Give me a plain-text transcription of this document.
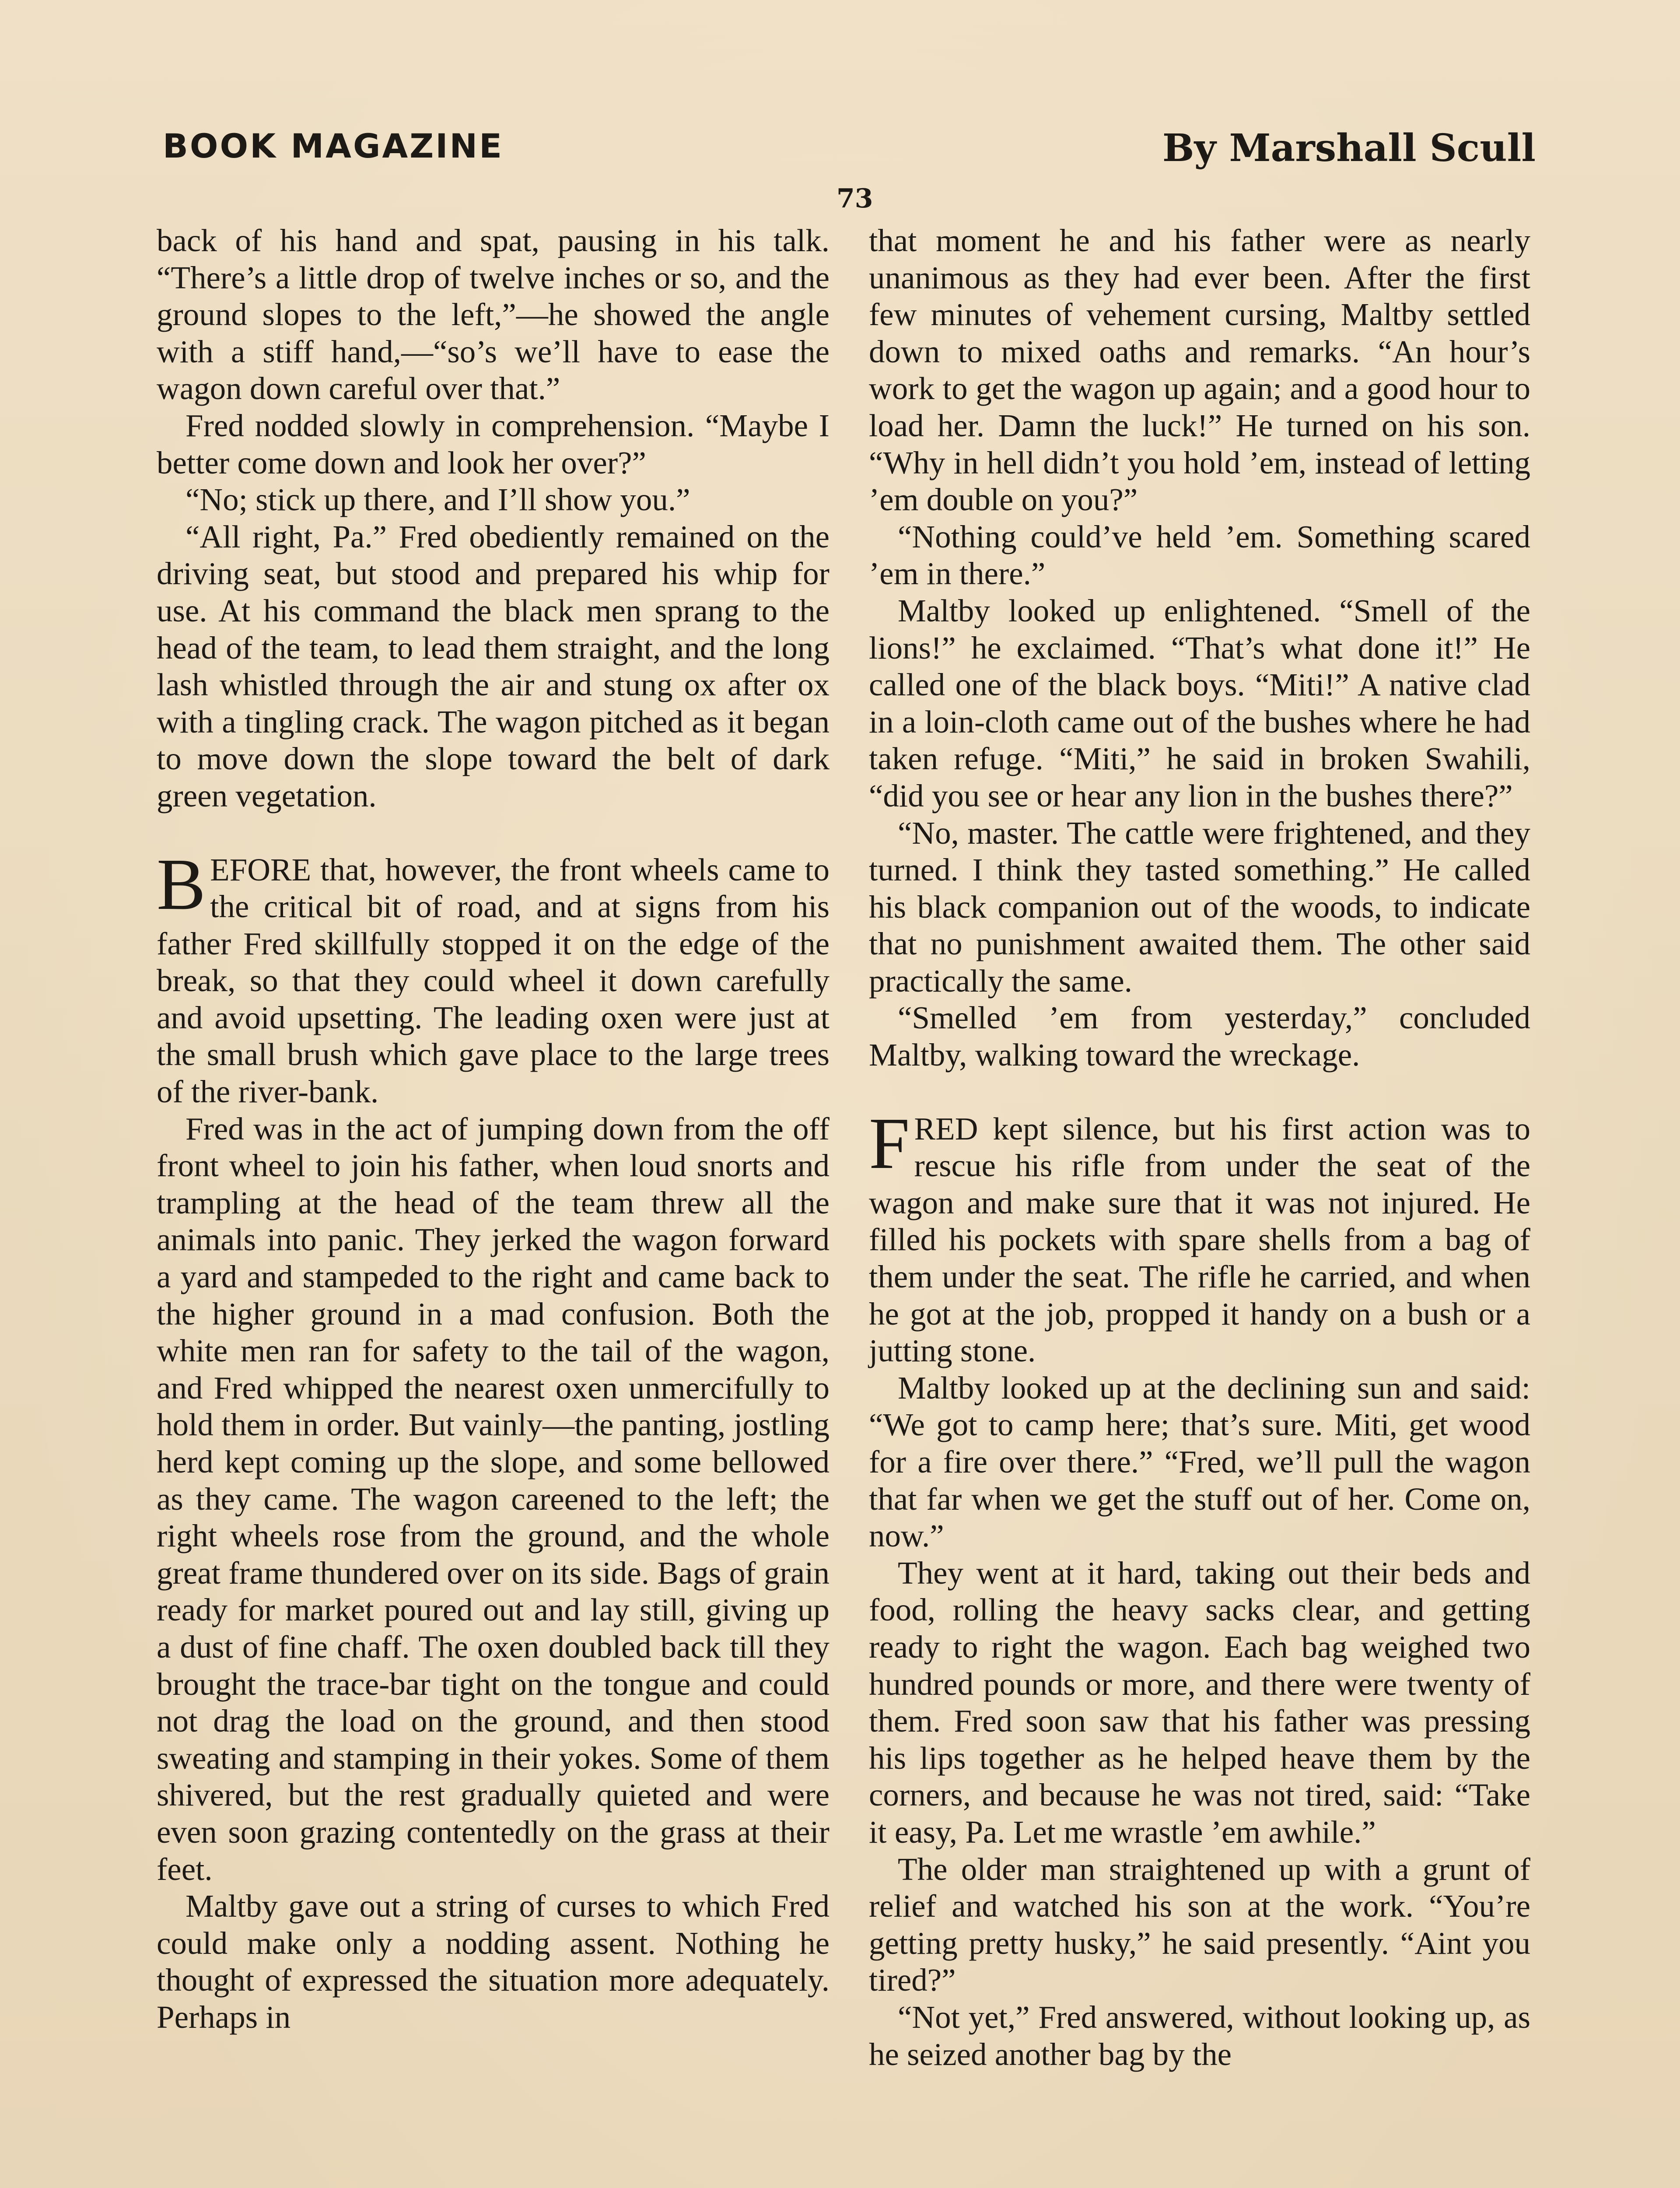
BOOK MAGAZINE	By Marshall Scull
73

back of his hand and spat, pausing in his talk. “There’s a little drop of twelve inches or so, and the ground slopes to the left,”—he showed the angle with a stiff hand,—“so’s we’ll have to ease the wagon down careful over that.”

Fred nodded slowly in comprehension. “Maybe I better come down and look her over?”

“No; stick up there, and I’ll show you.”

“All right, Pa.” Fred obediently remained on the driving seat, but stood and prepared his whip for use. At his command the black men sprang to the head of the team, to lead them straight, and the long lash whistled through the air and stung ox after ox with a tingling crack. The wagon pitched as it began to move down the slope toward the belt of dark green vegetation.

BEFORE that, however, the front wheels came to the critical bit of road, and at signs from his father Fred skillfully stopped it on the edge of the break, so that they could wheel it down carefully and avoid upsetting. The leading oxen were just at the small brush which gave place to the large trees of the river-bank.

Fred was in the act of jumping down from the off front wheel to join his father, when loud snorts and trampling at the head of the team threw all the animals into panic. They jerked the wagon forward a yard and stampeded to the right and came back to the higher ground in a mad confusion. Both the white men ran for safety to the tail of the wagon, and Fred whipped the nearest oxen unmercifully to hold them in order. But vainly—the panting, jostling herd kept coming up the slope, and some bellowed as they came. The wagon careened to the left; the right wheels rose from the ground, and the whole great frame thundered over on its side. Bags of grain ready for market poured out and lay still, giving up a dust of fine chaff. The oxen doubled back till they brought the trace-bar tight on the tongue and could not drag the load on the ground, and then stood sweating and stamping in their yokes. Some of them shivered, but the rest gradually quieted and were even soon grazing contentedly on the grass at their feet.

Maltby gave out a string of curses to which Fred could make only a nodding assent. Nothing he thought of expressed the situation more adequately. Perhaps in

that moment he and his father were as nearly unanimous as they had ever been. After the first few minutes of vehement cursing, Maltby settled down to mixed oaths and remarks. “An hour’s work to get the wagon up again; and a good hour to load her. Damn the luck!” He turned on his son. “Why in hell didn’t you hold ’em, instead of letting ’em double on you?”

“Nothing could’ve held ’em. Something scared ’em in there.”

Maltby looked up enlightened. “Smell of the lions!” he exclaimed. “That’s what done it!” He called one of the black boys. “Miti!” A native clad in a loin-cloth came out of the bushes where he had taken refuge. “Miti,” he said in broken Swahili, “did you see or hear any lion in the bushes there?”

“No, master. The cattle were frightened, and they turned. I think they tasted something.” He called his black companion out of the woods, to indicate that no punishment awaited them. The other said practically the same.

“Smelled ’em from yesterday,” concluded Maltby, walking toward the wreckage.

FRED kept silence, but his first action was to rescue his rifle from under the seat of the wagon and make sure that it was not injured. He filled his pockets with spare shells from a bag of them under the seat. The rifle he carried, and when he got at the job, propped it handy on a bush or a jutting stone.

Maltby looked up at the declining sun and said: “We got to camp here; that’s sure. Miti, get wood for a fire over there.” “Fred, we’ll pull the wagon that far when we get the stuff out of her. Come on, now.”

They went at it hard, taking out their beds and food, rolling the heavy sacks clear, and getting ready to right the wagon. Each bag weighed two hundred pounds or more, and there were twenty of them. Fred soon saw that his father was pressing his lips together as he helped heave them by the corners, and because he was not tired, said: “Take it easy, Pa. Let me wrastle ’em awhile.”

The older man straightened up with a grunt of relief and watched his son at the work. “You’re getting pretty husky,” he said presently. “Aint you tired?”

“Not yet,” Fred answered, without looking up, as he seized another bag by the
